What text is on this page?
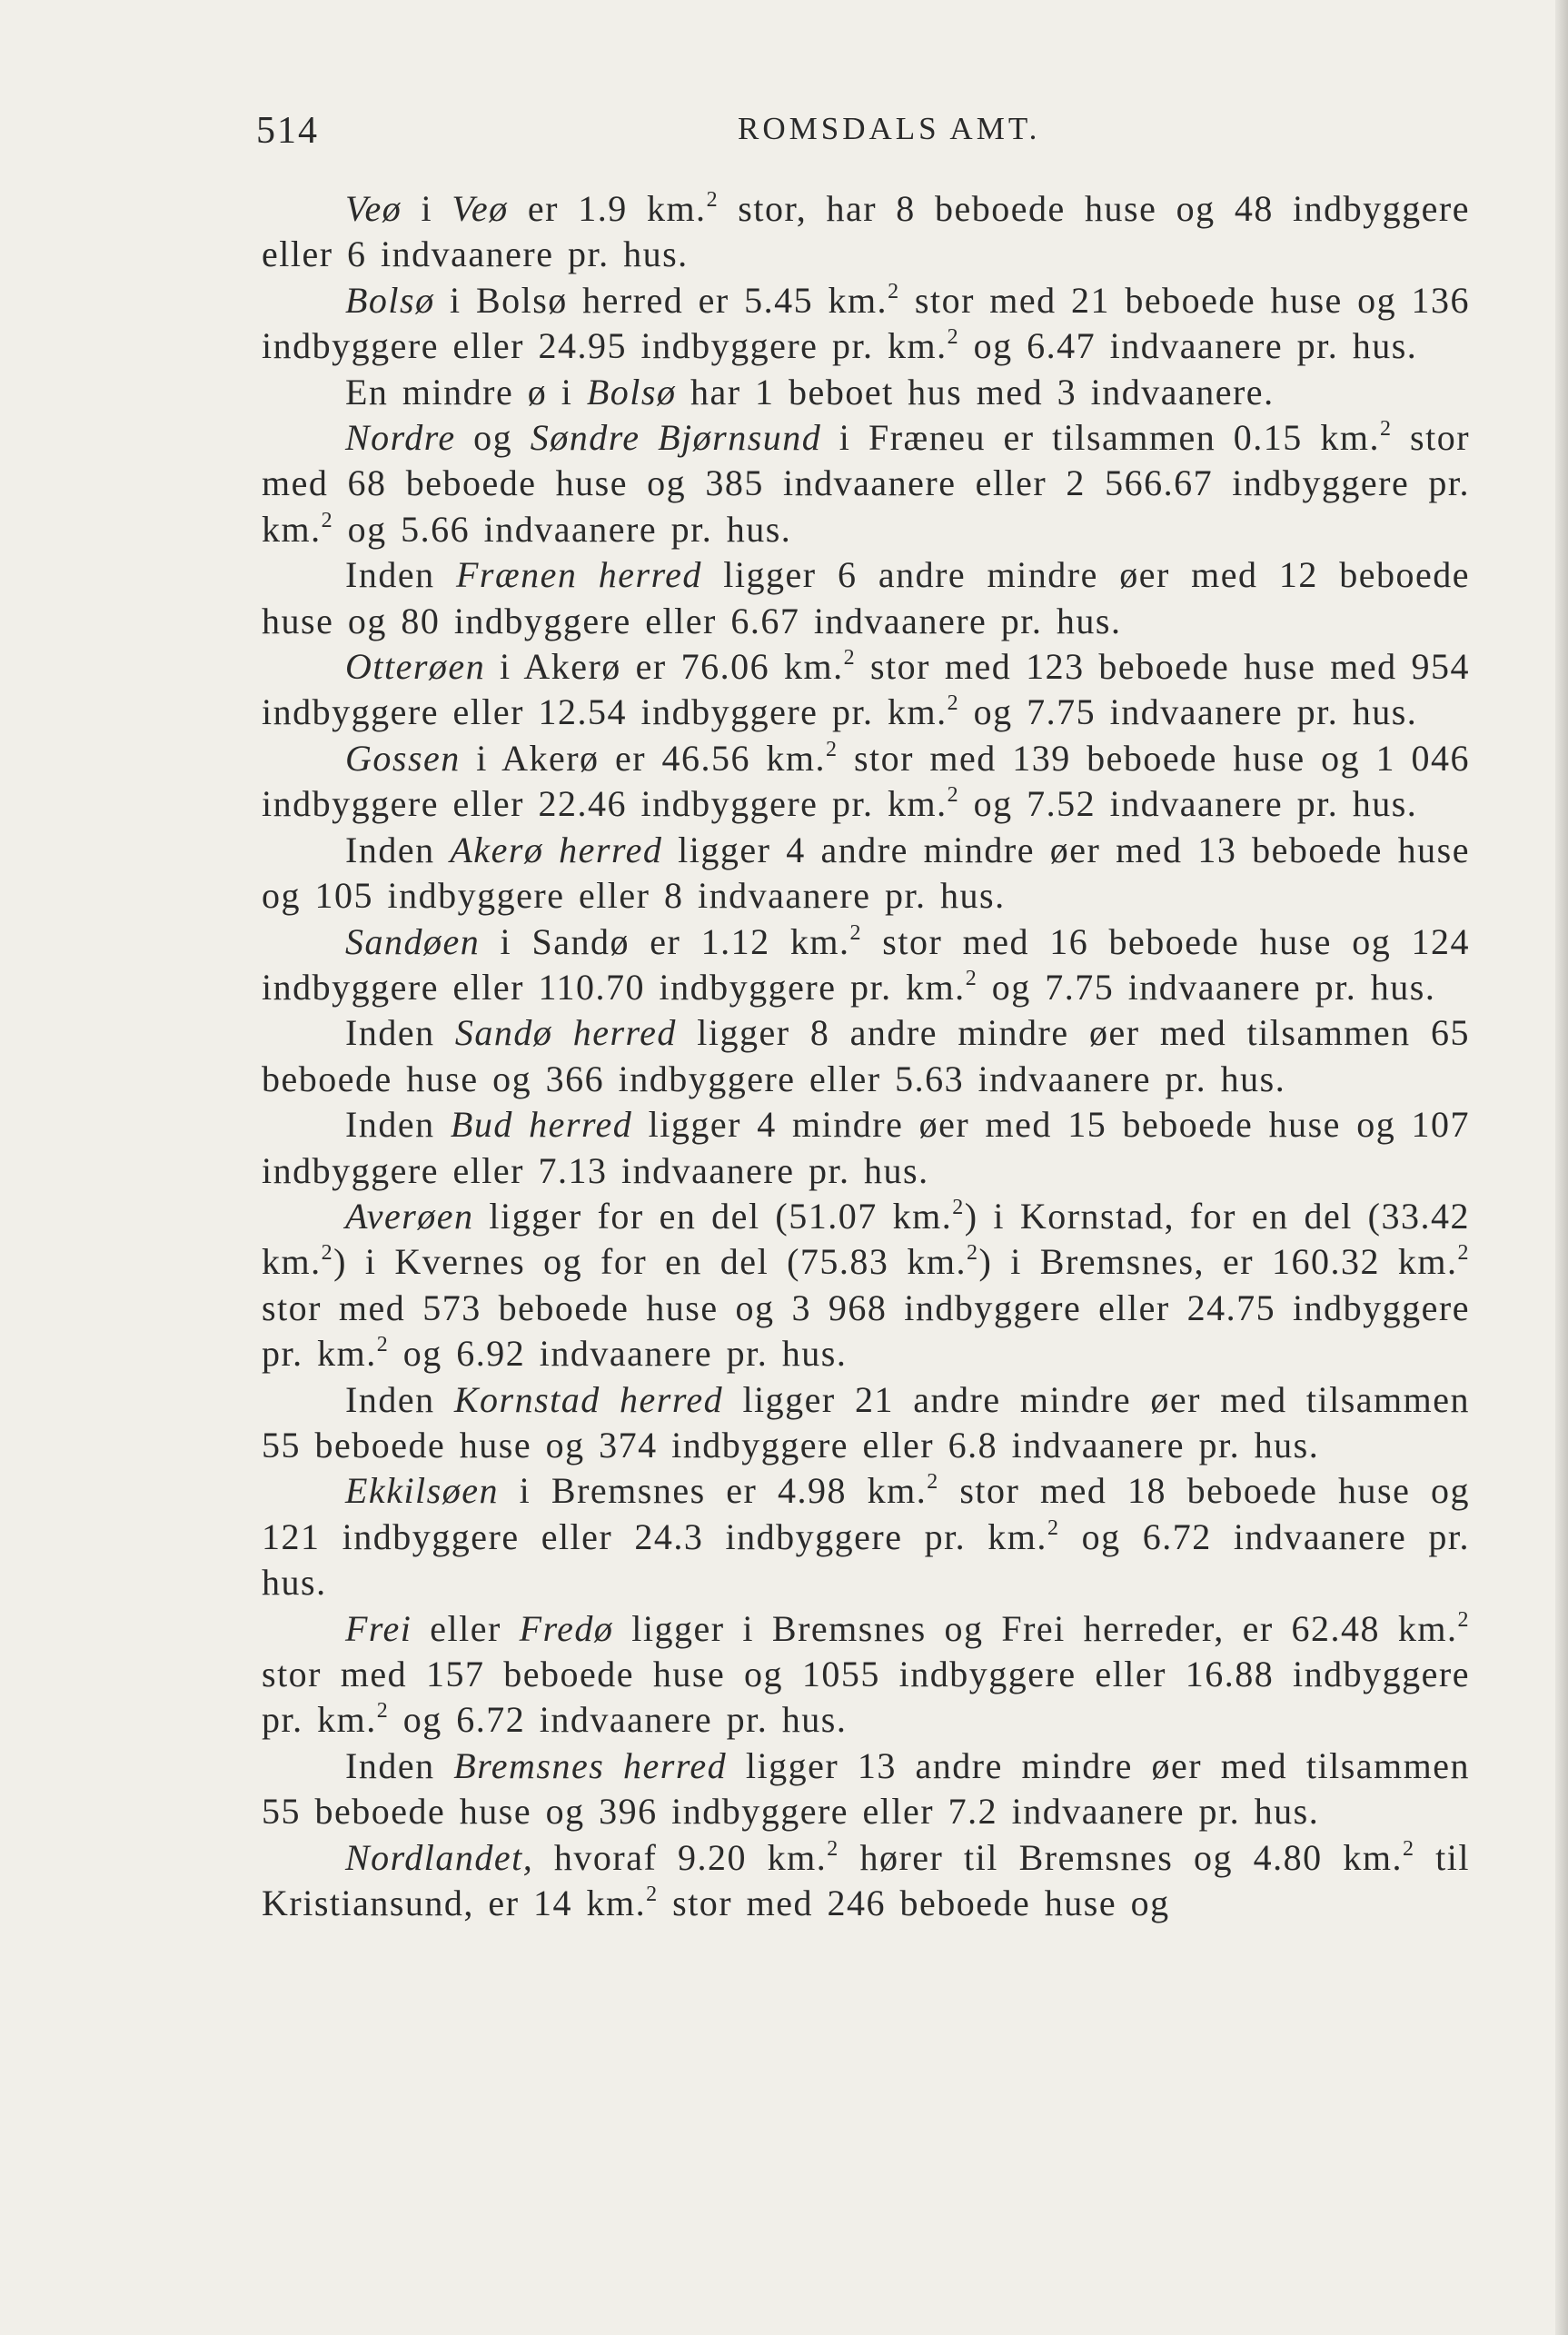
514	ROMSDALS AMT.

Veø i Veø er 1.9 km.$^2$ stor, har 8 beboede huse og 48 indbyggere eller 6 indvaanere pr. hus.

Bolsø i Bolsø herred er 5.45 km.$^2$ stor med 21 beboede huse og 136 indbyggere eller 24.95 indbyggere pr. km.$^2$ og 6.47 indvaanere pr. hus.

En mindre ø i Bolsø har 1 beboet hus med 3 indvaanere.

Nordre og Søndre Bjørnsund i Fræneu er tilsammen 0.15 km.$^2$ stor med 68 beboede huse og 385 indvaanere eller 2 566.67 indbyggere pr. km.$^2$ og 5.66 indvaanere pr. hus.

Inden Frænen herred ligger 6 andre mindre øer med 12 beboede huse og 80 indbyggere eller 6.67 indvaanere pr. hus.

Otterøen i Akerø er 76.06 km.$^2$ stor med 123 beboede huse med 954 indbyggere eller 12.54 indbyggere pr. km.$^2$ og 7.75 indvaanere pr. hus.

Gossen i Akerø er 46.56 km.$^2$ stor med 139 beboede huse og 1 046 indbyggere eller 22.46 indbyggere pr. km.$^2$ og 7.52 indvaanere pr. hus.

Inden Akerø herred ligger 4 andre mindre øer med 13 beboede huse og 105 indbyggere eller 8 indvaanere pr. hus.

Sandøen i Sandø er 1.12 km.$^2$ stor med 16 beboede huse og 124 indbyggere eller 110.70 indbyggere pr. km.$^2$ og 7.75 indvaanere pr. hus.

Inden Sandø herred ligger 8 andre mindre øer med tilsammen 65 beboede huse og 366 indbyggere eller 5.63 indvaanere pr. hus.

Inden Bud herred ligger 4 mindre øer med 15 beboede huse og 107 indbyggere eller 7.13 indvaanere pr. hus.

Averøen ligger for en del (51.07 km.$^2$) i Kornstad, for en del (33.42 km.$^2$) i Kvernes og for en del (75.83 km.$^2$) i Bremsnes, er 160.32 km.$^2$ stor med 573 beboede huse og 3 968 indbyggere eller 24.75 indbyggere pr. km.$^2$ og 6.92 indvaanere pr. hus.

Inden Kornstad herred ligger 21 andre mindre øer med tilsammen 55 beboede huse og 374 indbyggere eller 6.8 indvaanere pr. hus.

Ekkilsøen i Bremsnes er 4.98 km.$^2$ stor med 18 beboede huse og 121 indbyggere eller 24.3 indbyggere pr. km.$^2$ og 6.72 indvaanere pr. hus.

Frei eller Fredø ligger i Bremsnes og Frei herreder, er 62.48 km.$^2$ stor med 157 beboede huse og 1055 indbyggere eller 16.88 indbyggere pr. km.$^2$ og 6.72 indvaanere pr. hus.

Inden Bremsnes herred ligger 13 andre mindre øer med tilsammen 55 beboede huse og 396 indbyggere eller 7.2 indvaanere pr. hus.

Nordlandet, hvoraf 9.20 km.$^2$ hører til Bremsnes og 4.80 km.$^2$ til Kristiansund, er 14 km.$^2$ stor med 246 beboede huse og
